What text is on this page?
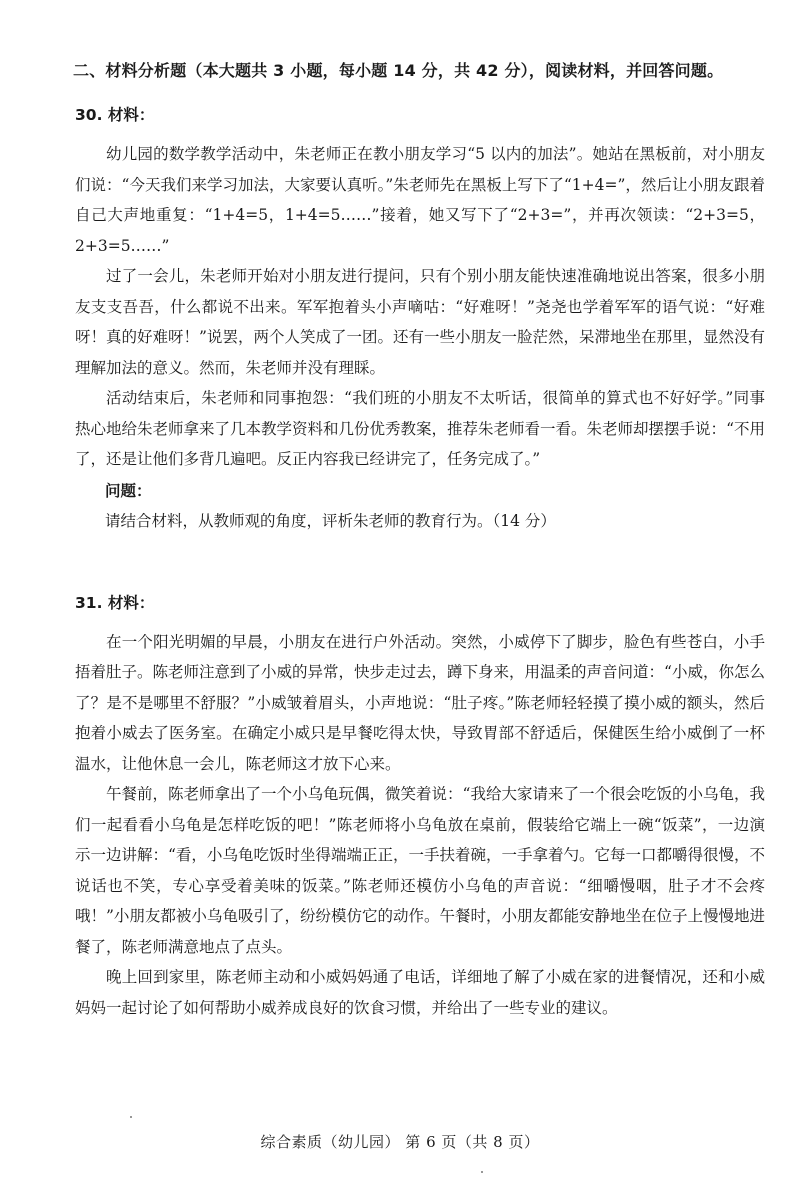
二、材料分析题（本大题共 3 小题，每小题 14 分，共 42 分），阅读材料，并回答问题。
30. 材料：

幼儿园的数学教学活动中，朱老师正在教小朋友学习“5 以内的加法”。她站在黑板前，对小朋友们说：“今天我们来学习加法，大家要认真听。”朱老师先在黑板上写下了“1+4=”，然后让小朋友跟着自己大声地重复：“1+4=5，1+4=5……”接着，她又写下了“2+3=”，并再次领读：“2+3=5，2+3=5……”

过了一会儿，朱老师开始对小朋友进行提问，只有个别小朋友能快速准确地说出答案，很多小朋友支支吾吾，什么都说不出来。军军抱着头小声嘀咕：“好难呀！”尧尧也学着军军的语气说：“好难呀！真的好难呀！”说罢，两个人笑成了一团。还有一些小朋友一脸茫然，呆滞地坐在那里，显然没有理解加法的意义。然而，朱老师并没有理睬。

活动结束后，朱老师和同事抱怨：“我们班的小朋友不太听话，很简单的算式也不好好学。”同事热心地给朱老师拿来了几本教学资料和几份优秀教案，推荐朱老师看一看。朱老师却摆摆手说：“不用了，还是让他们多背几遍吧。反正内容我已经讲完了，任务完成了。”

问题：
请结合材料，从教师观的角度，评析朱老师的教育行为。（14 分）
31. 材料：

在一个阳光明媚的早晨，小朋友在进行户外活动。突然，小威停下了脚步，脸色有些苍白，小手捂着肚子。陈老师注意到了小威的异常，快步走过去，蹲下身来，用温柔的声音问道：“小威，你怎么了？是不是哪里不舒服？”小威皱着眉头，小声地说：“肚子疼。”陈老师轻轻摸了摸小威的额头，然后抱着小威去了医务室。在确定小威只是早餐吃得太快，导致胃部不舒适后，保健医生给小威倒了一杯温水，让他休息一会儿，陈老师这才放下心来。

午餐前，陈老师拿出了一个小乌龟玩偶，微笑着说：“我给大家请来了一个很会吃饭的小乌龟，我们一起看看小乌龟是怎样吃饭的吧！”陈老师将小乌龟放在桌前，假装给它端上一碗“饭菜”，一边演示一边讲解：“看，小乌龟吃饭时坐得端端正正，一手扶着碗，一手拿着勺。它每一口都嚼得很慢，不说话也不笑，专心享受着美味的饭菜。”陈老师还模仿小乌龟的声音说：“细嚼慢咽，肚子才不会疼哦！”小朋友都被小乌龟吸引了，纷纷模仿它的动作。午餐时，小朋友都能安静地坐在位子上慢慢地进餐了，陈老师满意地点了点头。

晚上回到家里，陈老师主动和小威妈妈通了电话，详细地了解了小威在家的进餐情况，还和小威妈妈一起讨论了如何帮助小威养成良好的饮食习惯，并给出了一些专业的建议。

综合素质（幼儿园） 第 6 页（共 8 页）
